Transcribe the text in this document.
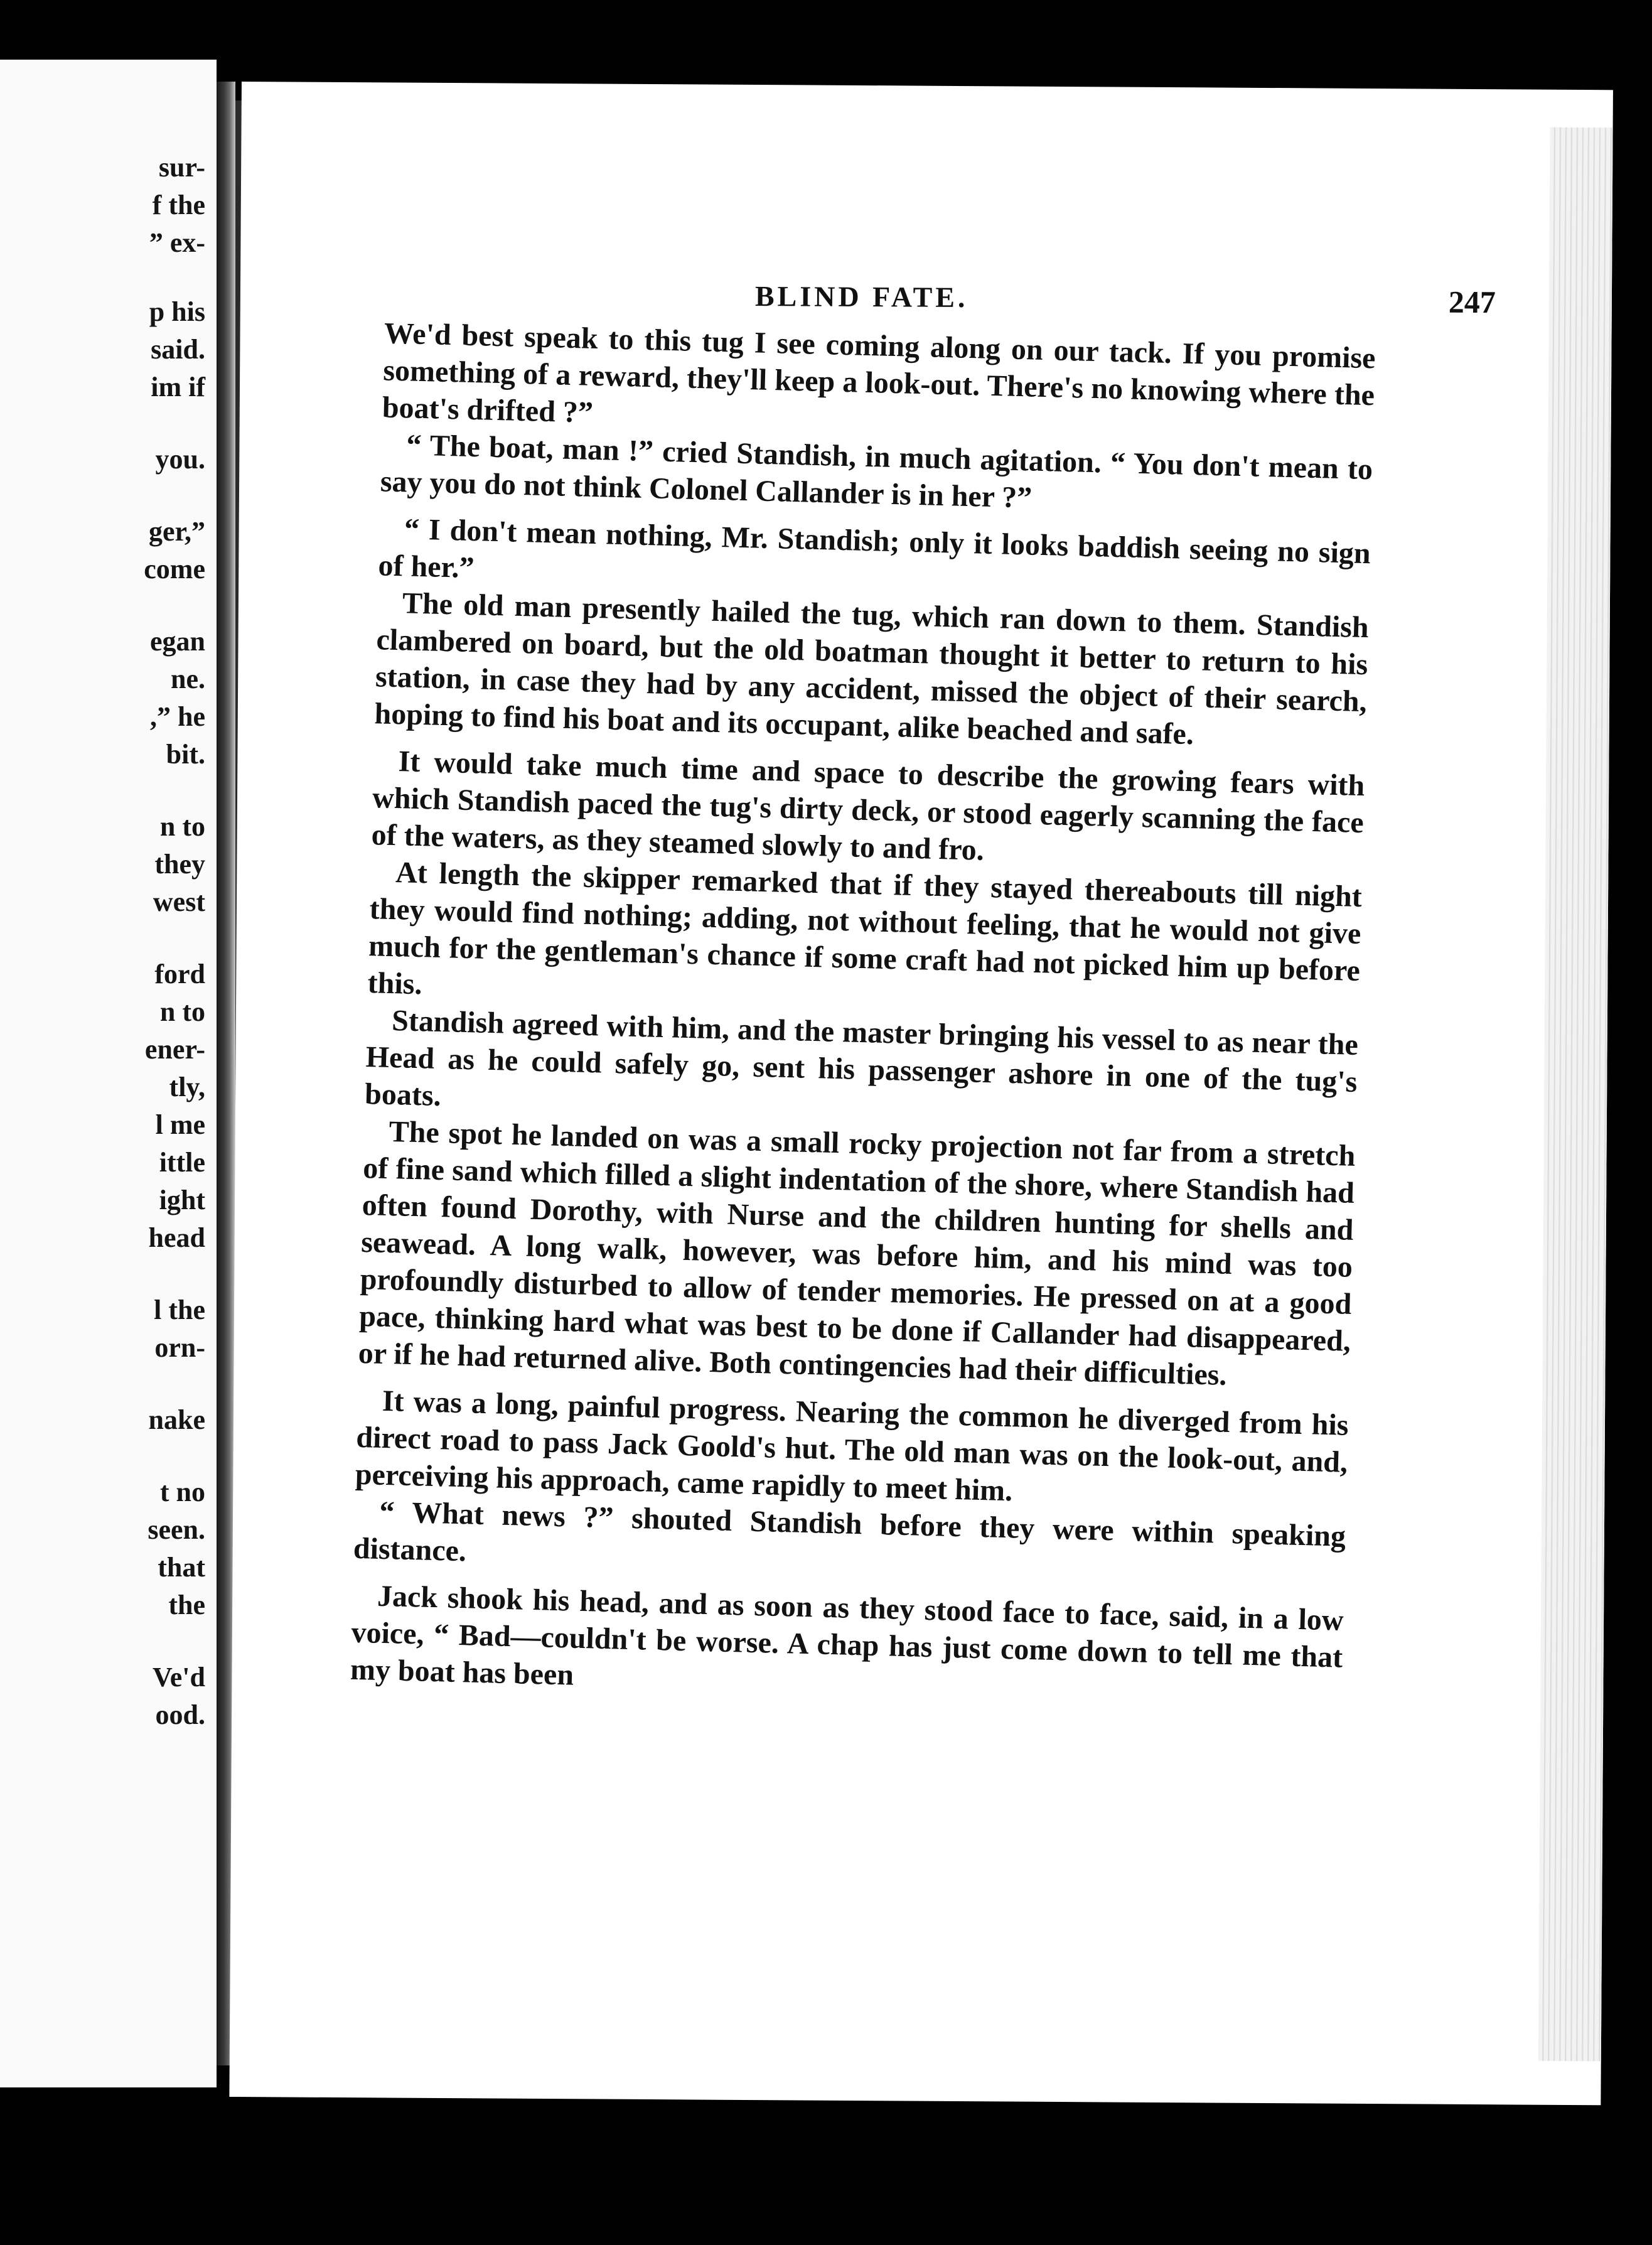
sur-
f the
” ex-
p his
said.
im if
you.
ger,”
come
egan
ne.
,” he
bit.
n to
they
west
ford
n to
ener-
tly,
l me
ittle
ight
head
l the
orn-
nake
t no
seen.
that
the
Ve'd
ood.
BLIND FATE.	247

We'd best speak to this tug I see coming along on our tack. If you promise something of a reward, they'll keep a look-out. There's no knowing where the boat's drifted ?”

“ The boat, man !” cried Standish, in much agitation. “ You don't mean to say you do not think Colonel Callander is in her ?”

“ I don't mean nothing, Mr. Standish; only it looks baddish seeing no sign of her.”

The old man presently hailed the tug, which ran down to them. Standish clambered on board, but the old boatman thought it better to return to his station, in case they had by any accident, missed the object of their search, hoping to find his boat and its occupant, alike beached and safe.

It would take much time and space to describe the growing fears with which Standish paced the tug's dirty deck, or stood eagerly scanning the face of the waters, as they steamed slowly to and fro.

At length the skipper remarked that if they stayed thereabouts till night they would find nothing; adding, not without feeling, that he would not give much for the gentleman's chance if some craft had not picked him up before this.

Standish agreed with him, and the master bringing his vessel to as near the Head as he could safely go, sent his passenger ashore in one of the tug's boats.

The spot he landed on was a small rocky projection not far from a stretch of fine sand which filled a slight indentation of the shore, where Standish had often found Dorothy, with Nurse and the children hunting for shells and seawead. A long walk, however, was before him, and his mind was too profoundly disturbed to allow of tender memories. He pressed on at a good pace, thinking hard what was best to be done if Callander had disappeared, or if he had returned alive. Both contingencies had their difficulties.

It was a long, painful progress. Nearing the common he diverged from his direct road to pass Jack Goold's hut. The old man was on the look-out, and, perceiving his approach, came rapidly to meet him.

“ What news ?” shouted Standish before they were within speaking distance.

Jack shook his head, and as soon as they stood face to face, said, in a low voice, “ Bad—couldn't be worse. A chap has just come down to tell me that my boat has been
